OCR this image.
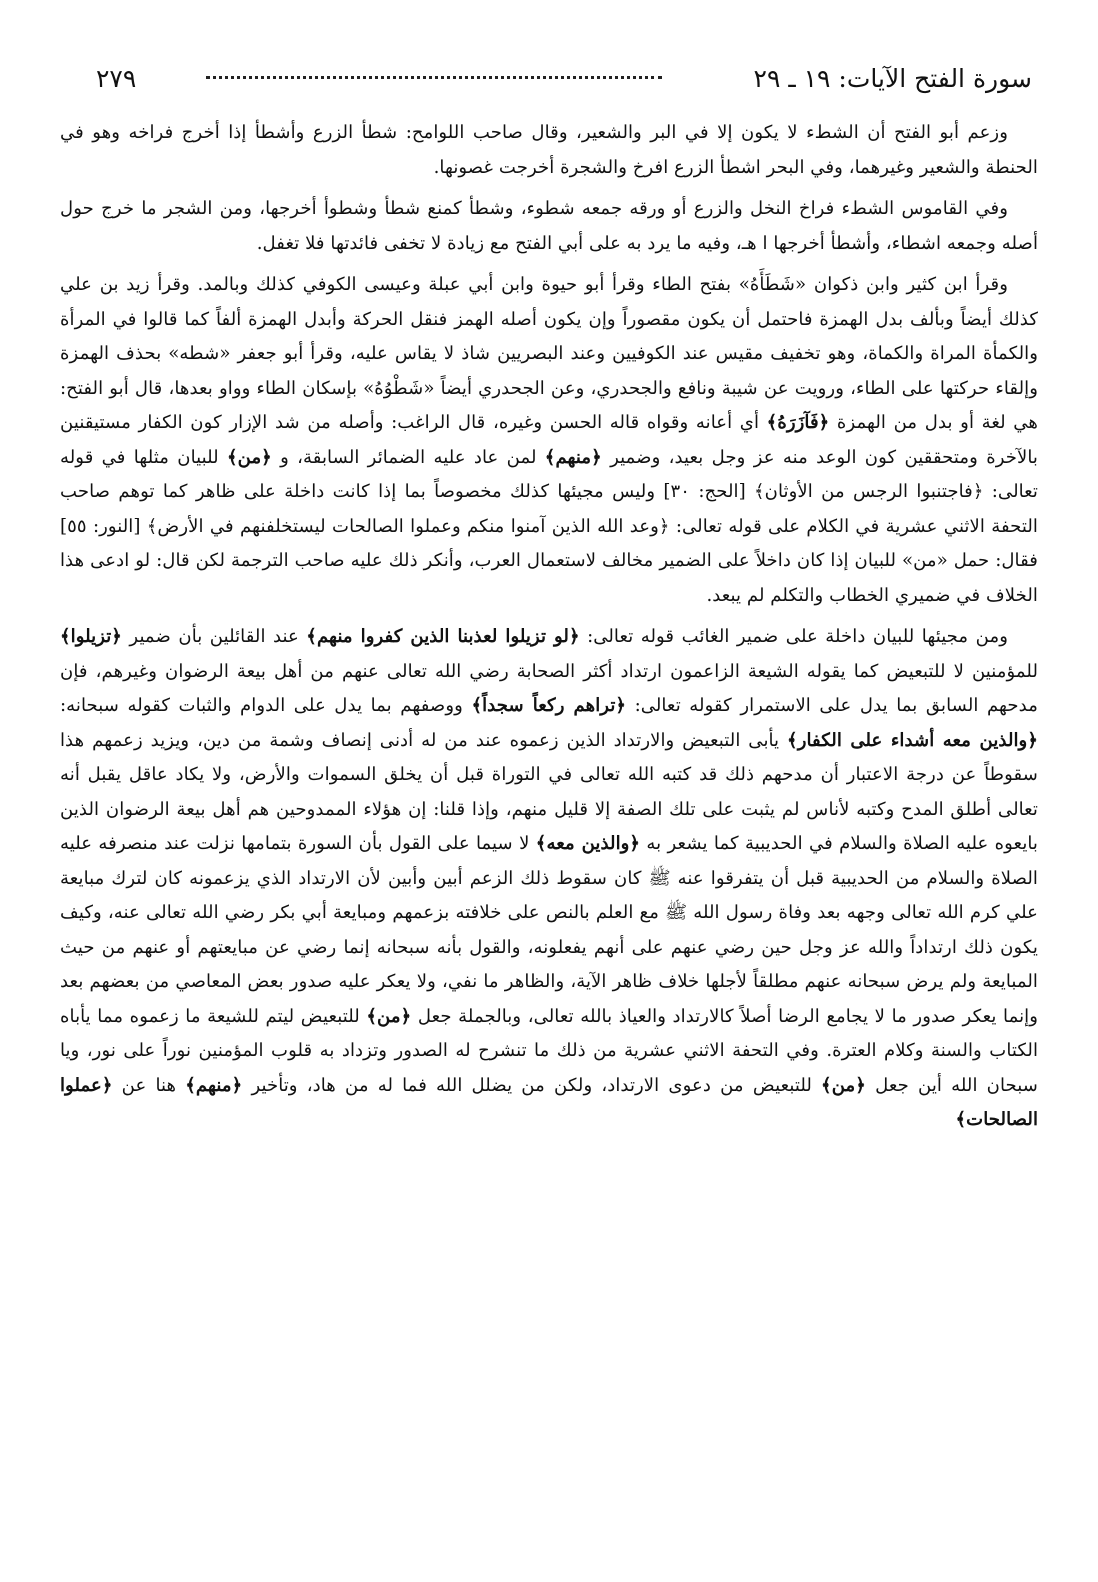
سورة الفتح الآيات: ١٩ ـ ٢٩
٢٧٩

وزعم أبو الفتح أن الشطء لا يكون إلا في البر والشعير، وقال صاحب اللوامح: شطأ الزرع وأشطأ إذا أخرج فراخه وهو في الحنطة والشعير وغيرهما، وفي البحر اشطأ الزرع افرخ والشجرة أخرجت غصونها.

وفي القاموس الشطء فراخ النخل والزرع أو ورقه جمعه شطوء، وشطأ كمنع شطأ وشطوأ أخرجها، ومن الشجر ما خرج حول أصله وجمعه اشطاء، وأشطأ أخرجها ا هـ، وفيه ما يرد به على أبي الفتح مع زيادة لا تخفى فائدتها فلا تغفل.

وقرأ ابن كثير وابن ذكوان «شَطَأَهُ» بفتح الطاء وقرأ أبو حيوة وابن أبي عبلة وعيسى الكوفي كذلك وبالمد. وقرأ زيد بن علي كذلك أيضاً وبألف بدل الهمزة فاحتمل أن يكون مقصوراً وإن يكون أصله الهمز فنقل الحركة وأبدل الهمزة ألفاً كما قالوا في المرأة والكمأة المراة والكماة، وهو تخفيف مقيس عند الكوفيين وعند البصريين شاذ لا يقاس عليه، وقرأ أبو جعفر «شطه» بحذف الهمزة وإلقاء حركتها على الطاء، ورويت عن شيبة ونافع والجحدري، وعن الجحدري أيضاً «شَطْوُهُ» بإسكان الطاء وواو بعدها، قال أبو الفتح: هي لغة أو بدل من الهمزة ﴿فَآزَرَهُ﴾ أي أعانه وقواه قاله الحسن وغيره، قال الراغب: وأصله من شد الإزار كون الكفار مستيقنين بالآخرة ومتحققين كون الوعد منه عز وجل بعيد، وضمير ﴿منهم﴾ لمن عاد عليه الضمائر السابقة، و ﴿من﴾ للبيان مثلها في قوله تعالى: ﴿فاجتنبوا الرجس من الأوثان﴾ [الحج: ٣٠] وليس مجيئها كذلك مخصوصاً بما إذا كانت داخلة على ظاهر كما توهم صاحب التحفة الاثني عشرية في الكلام على قوله تعالى: ﴿وعد الله الذين آمنوا منكم وعملوا الصالحات ليستخلفنهم في الأرض﴾ [النور: ٥٥] فقال: حمل «من» للبيان إذا كان داخلاً على الضمير مخالف لاستعمال العرب، وأنكر ذلك عليه صاحب الترجمة لكن قال: لو ادعى هذا الخلاف في ضميري الخطاب والتكلم لم يبعد.

ومن مجيئها للبيان داخلة على ضمير الغائب قوله تعالى: ﴿لو تزيلوا لعذبنا الذين كفروا منهم﴾ عند القائلين بأن ضمير ﴿تزيلوا﴾ للمؤمنين لا للتبعيض كما يقوله الشيعة الزاعمون ارتداد أكثر الصحابة رضي الله تعالى عنهم من أهل بيعة الرضوان وغيرهم، فإن مدحهم السابق بما يدل على الاستمرار كقوله تعالى: ﴿تراهم ركعاً سجداً﴾ ووصفهم بما يدل على الدوام والثبات كقوله سبحانه: ﴿والذين معه أشداء على الكفار﴾ يأبى التبعيض والارتداد الذين زعموه عند من له أدنى إنصاف وشمة من دين، ويزيد زعمهم هذا سقوطاً عن درجة الاعتبار أن مدحهم ذلك قد كتبه الله تعالى في التوراة قبل أن يخلق السموات والأرض، ولا يكاد عاقل يقبل أنه تعالى أطلق المدح وكتبه لأناس لم يثبت على تلك الصفة إلا قليل منهم، وإذا قلنا: إن هؤلاء الممدوحين هم أهل بيعة الرضوان الذين بايعوه عليه الصلاة والسلام في الحديبية كما يشعر به ﴿والذين معه﴾ لا سيما على القول بأن السورة بتمامها نزلت عند منصرفه عليه الصلاة والسلام من الحديبية قبل أن يتفرقوا عنه ﷺ كان سقوط ذلك الزعم أبين وأبين لأن الارتداد الذي يزعمونه كان لترك مبايعة علي كرم الله تعالى وجهه بعد وفاة رسول الله ﷺ مع العلم بالنص على خلافته بزعمهم ومبايعة أبي بكر رضي الله تعالى عنه، وكيف يكون ذلك ارتداداً والله عز وجل حين رضي عنهم على أنهم يفعلونه، والقول بأنه سبحانه إنما رضي عن مبايعتهم أو عنهم من حيث المبايعة ولم يرض سبحانه عنهم مطلقاً لأجلها خلاف ظاهر الآية، والظاهر ما نفي، ولا يعكر عليه صدور بعض المعاصي من بعضهم بعد وإنما يعكر صدور ما لا يجامع الرضا أصلاً كالارتداد والعياذ بالله تعالى، وبالجملة جعل ﴿من﴾ للتبعيض ليتم للشيعة ما زعموه مما يأباه الكتاب والسنة وكلام العترة. وفي التحفة الاثني عشرية من ذلك ما تنشرح له الصدور وتزداد به قلوب المؤمنين نوراً على نور، ويا سبحان الله أين جعل ﴿من﴾ للتبعيض من دعوى الارتداد، ولكن من يضلل الله فما له من هاد، وتأخير ﴿منهم﴾ هنا عن ﴿عملوا الصالحات﴾
